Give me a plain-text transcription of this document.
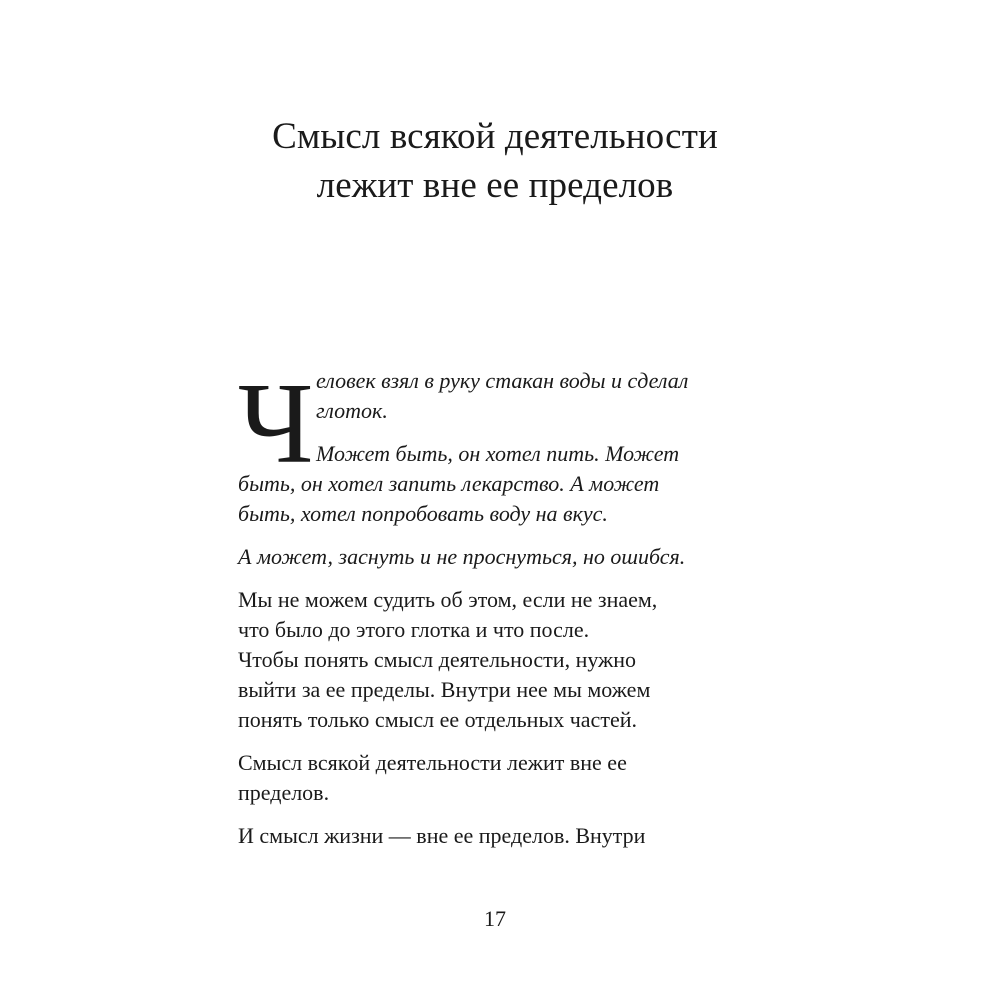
Смысл всякой деятельности
лежит вне ее пределов
Ч еловек взял в руку стакан воды и сделал
глоток.
Может быть, он хотел пить. Может
быть, он хотел запить лекарство. А может
быть, хотел попробовать воду на вкус.
А может, заснуть и не проснуться, но ошибся.
Мы не можем судить об этом, если не знаем,
что было до этого глотка и что после.
Чтобы понять смысл деятельности, нужно
выйти за ее пределы. Внутри нее мы можем
понять только смысл ее отдельных частей.
Смысл всякой деятельности лежит вне ее
пределов.
И смысл жизни — вне ее пределов. Внутри
17
